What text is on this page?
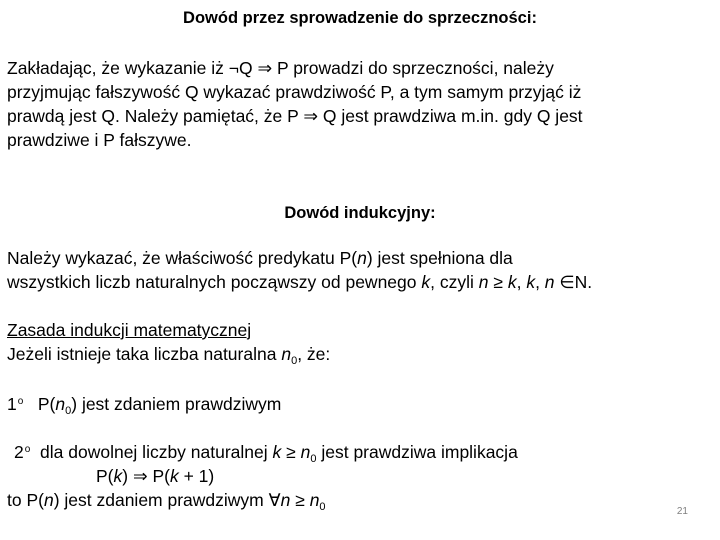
Dowód przez sprowadzenie do sprzeczności:
Zakładając, że wykazanie iż ¬Q ⇒ P prowadzi do sprzeczności, należy
przyjmując fałszywość Q wykazać prawdziwość P, a tym samym przyjąć iż
prawdą jest Q. Należy pamiętać, że P ⇒ Q jest prawdziwa m.in. gdy Q jest
prawdziwe i P fałszywe.
Dowód indukcyjny:
Należy wykazać, że właściwość predykatu P(n) jest spełniona dla
wszystkich liczb naturalnych począwszy od pewnego k, czyli n ≥ k, k, n ∈N.
Zasada indukcji matematycznej
Jeżeli istnieje taka liczba naturalna $n_0$, że:
1$^o$   $P(n_0)$ jest zdaniem prawdziwym
2$^o$  dla dowolnej liczby naturalnej $k \ge n_0$ jest prawdziwa implikacja
P(k) ⇒ P(k + 1)
to P(n) jest zdaniem prawdziwym ∀n ≥ $n_0$	21
